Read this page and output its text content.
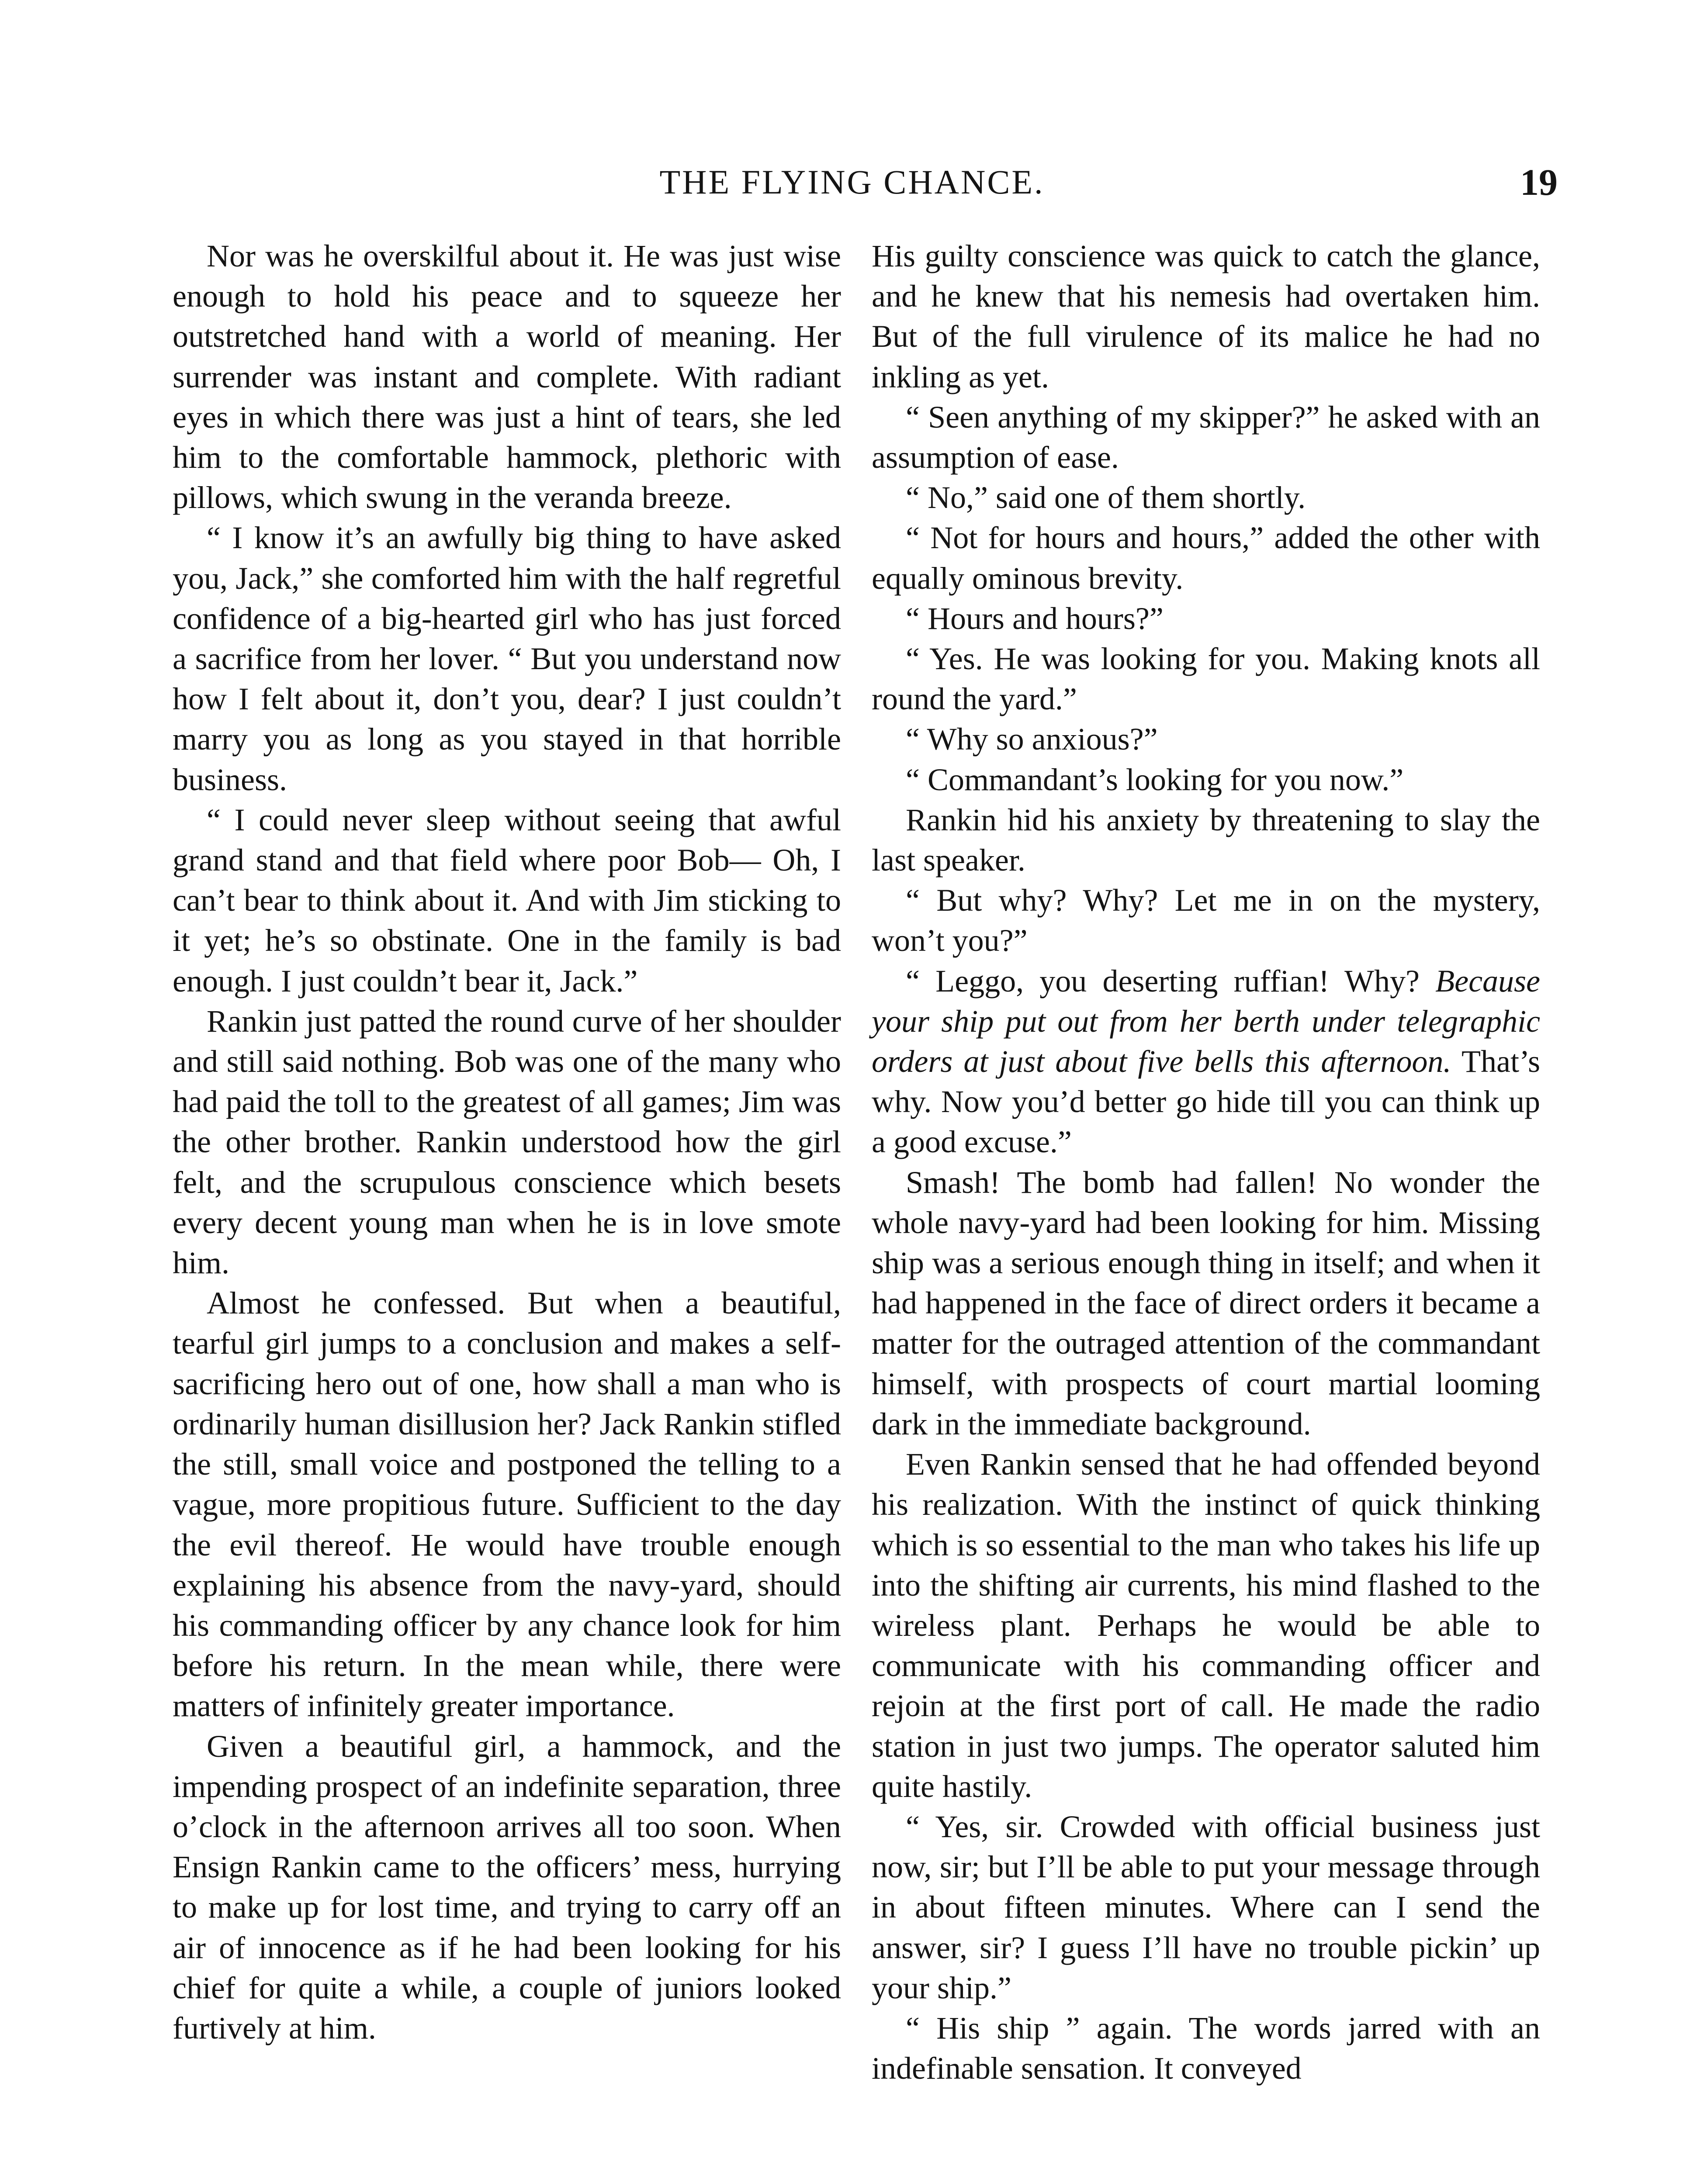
THE FLYING CHANCE.	19

Nor was he overskilful about it. He was just wise enough to hold his peace and to squeeze her outstretched hand with a world of meaning. Her surrender was instant and complete. With radiant eyes in which there was just a hint of tears, she led him to the comfortable hammock, plethoric with pillows, which swung in the veranda breeze.

“ I know it’s an awfully big thing to have asked you, Jack,” she comforted him with the half regretful confidence of a big-hearted girl who has just forced a sacrifice from her lover. “ But you understand now how I felt about it, don’t you, dear? I just couldn’t marry you as long as you stayed in that horrible business.

“ I could never sleep without seeing that awful grand stand and that field where poor Bob— Oh, I can’t bear to think about it. And with Jim sticking to it yet; he’s so obstinate. One in the family is bad enough. I just couldn’t bear it, Jack.”

Rankin just patted the round curve of her shoulder and still said nothing. Bob was one of the many who had paid the toll to the greatest of all games; Jim was the other brother. Rankin understood how the girl felt, and the scrupulous conscience which besets every decent young man when he is in love smote him.

Almost he confessed. But when a beautiful, tearful girl jumps to a conclusion and makes a self-sacrificing hero out of one, how shall a man who is ordinarily human disillusion her? Jack Rankin stifled the still, small voice and postponed the telling to a vague, more propitious future. Sufficient to the day the evil thereof. He would have trouble enough explaining his absence from the navy-yard, should his commanding officer by any chance look for him before his return. In the mean while, there were matters of infinitely greater importance.

Given a beautiful girl, a hammock, and the impending prospect of an indefinite separation, three o’clock in the afternoon arrives all too soon. When Ensign Rankin came to the officers’ mess, hurrying to make up for lost time, and trying to carry off an air of innocence as if he had been looking for his chief for quite a while, a couple of juniors looked furtively at him.

His guilty conscience was quick to catch the glance, and he knew that his nemesis had overtaken him. But of the full virulence of its malice he had no inkling as yet.

“ Seen anything of my skipper?” he asked with an assumption of ease.

“ No,” said one of them shortly.

“ Not for hours and hours,” added the other with equally ominous brevity.

“ Hours and hours?”

“ Yes. He was looking for you. Making knots all round the yard.”

“ Why so anxious?”

“ Commandant’s looking for you now.”

Rankin hid his anxiety by threatening to slay the last speaker.

“ But why? Why? Let me in on the mystery, won’t you?”

“ Leggo, you deserting ruffian! Why? Because your ship put out from her berth under telegraphic orders at just about five bells this afternoon. That’s why. Now you’d better go hide till you can think up a good excuse.”

Smash! The bomb had fallen! No wonder the whole navy-yard had been looking for him. Missing ship was a serious enough thing in itself; and when it had happened in the face of direct orders it became a matter for the outraged attention of the commandant himself, with prospects of court martial looming dark in the immediate background.

Even Rankin sensed that he had offended beyond his realization. With the instinct of quick thinking which is so essential to the man who takes his life up into the shifting air currents, his mind flashed to the wireless plant. Perhaps he would be able to communicate with his commanding officer and rejoin at the first port of call. He made the radio station in just two jumps. The operator saluted him quite hastily.

“ Yes, sir. Crowded with official business just now, sir; but I’ll be able to put your message through in about fifteen minutes. Where can I send the answer, sir? I guess I’ll have no trouble pickin’ up your ship.”

“ His ship ” again. The words jarred with an indefinable sensation. It conveyed
